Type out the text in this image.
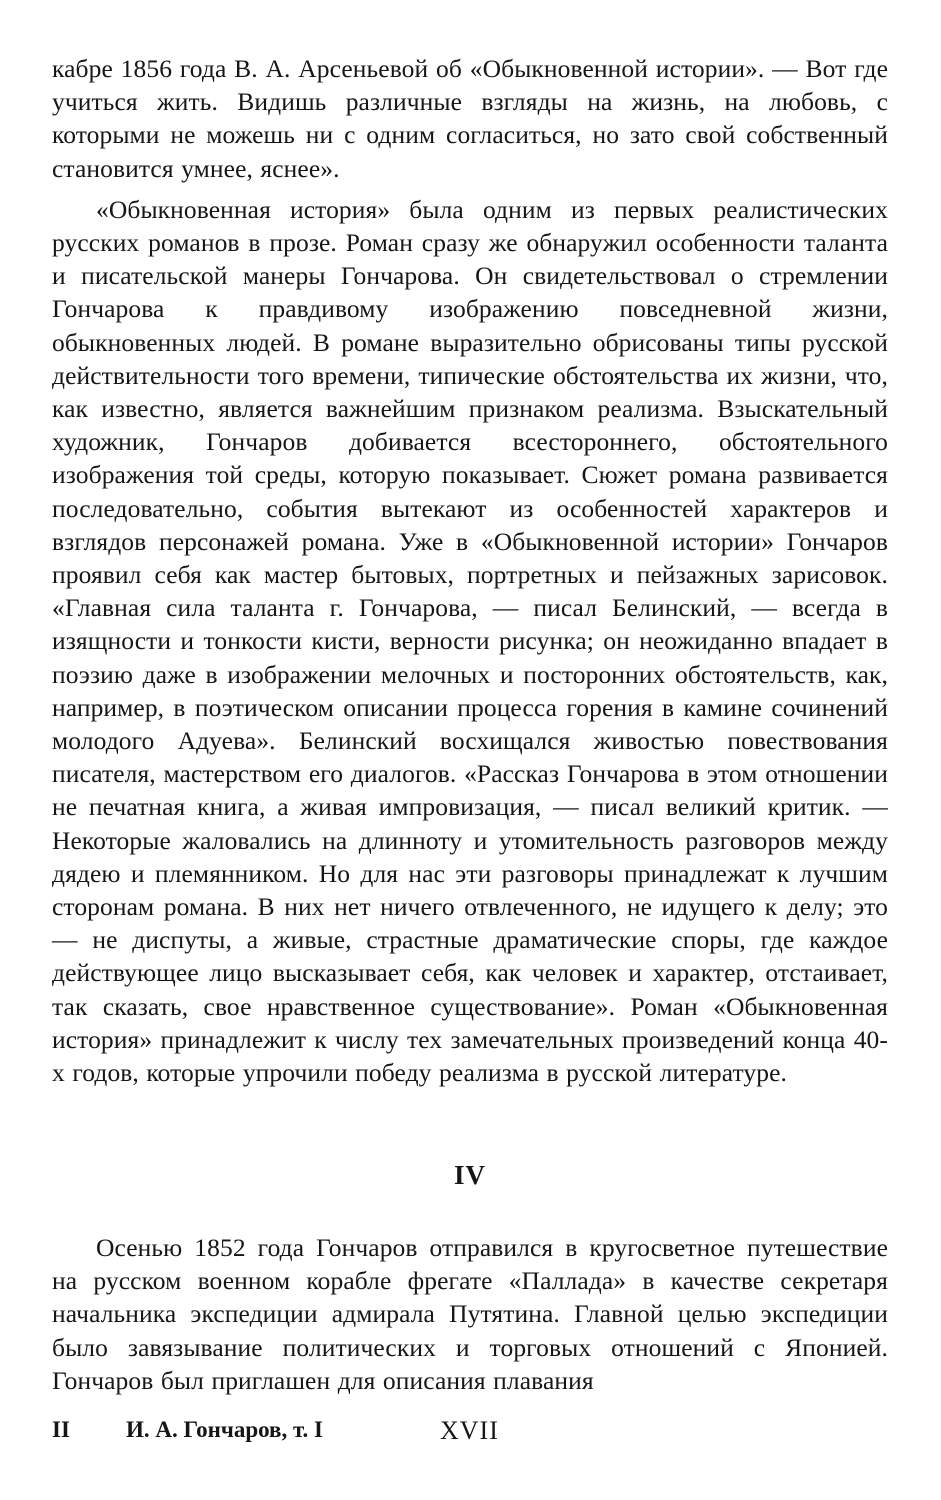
кабре 1856 года В. А. Арсеньевой об «Обыкновенной истории». — Вот где учиться жить. Видишь различные взгляды на жизнь, на любовь, с которыми не можешь ни с одним согласиться, но зато свой собственный становится умнее, яснее».

«Обыкновенная история» была одним из первых реалистических русских романов в прозе. Роман сразу же обнаружил особенности таланта и писательской манеры Гончарова. Он свидетельствовал о стремлении Гончарова к правдивому изображению повседневной жизни, обыкновенных людей. В романе выразительно обрисованы типы русской действительности того времени, типические обстоятельства их жизни, что, как известно, является важнейшим признаком реализма. Взыскательный художник, Гончаров добивается всестороннего, обстоятельного изображения той среды, которую показывает. Сюжет романа развивается последовательно, события вытекают из особенностей характеров и взглядов персонажей романа. Уже в «Обыкновенной истории» Гончаров проявил себя как мастер бытовых, портретных и пейзажных зарисовок. «Главная сила таланта г. Гончарова, — писал Белинский, — всегда в изящности и тонкости кисти, верности рисунка; он неожиданно впадает в поэзию даже в изображении мелочных и посторонних обстоятельств, как, например, в поэтическом описании процесса горения в камине сочинений молодого Адуева». Белинский восхищался живостью повествования писателя, мастерством его диалогов. «Рассказ Гончарова в этом отношении не печатная книга, а живая импровизация, — писал великий критик. — Некоторые жаловались на длинноту и утомительность разговоров между дядею и племянником. Но для нас эти разговоры принадлежат к лучшим сторонам романа. В них нет ничего отвлеченного, не идущего к делу; это — не диспуты, а живые, страстные драматические споры, где каждое действующее лицо высказывает себя, как человек и характер, отстаивает, так сказать, свое нравственное существование». Роман «Обыкновенная история» принадлежит к числу тех замечательных произведений конца 40-х годов, которые упрочили победу реализма в русской литературе.

IV

Осенью 1852 года Гончаров отправился в кругосветное путешествие на русском военном корабле фрегате «Паллада» в качестве секретаря начальника экспедиции адмирала Путятина. Главной целью экспедиции было завязывание политических и торговых отношений с Японией. Гончаров был приглашен для описания плавания

II И. А. Гончаров, т. I	XVII
